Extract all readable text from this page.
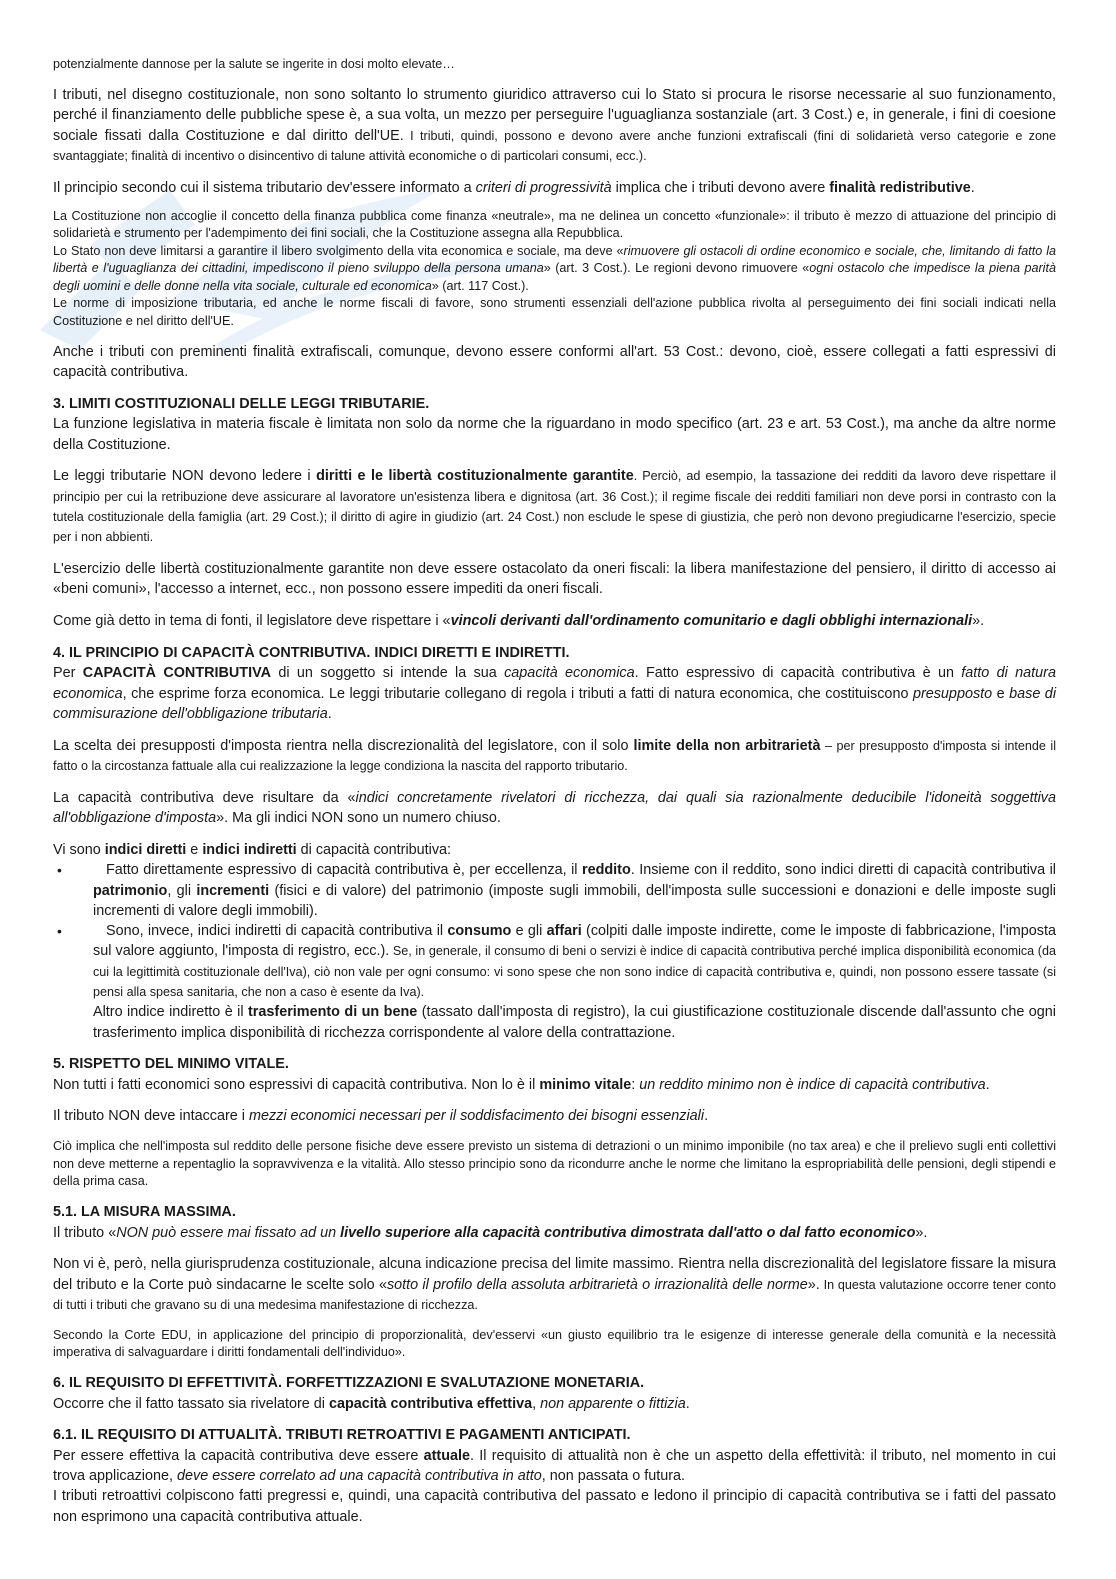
potenzialmente dannose per la salute se ingerite in dosi molto elevate…

I tributi, nel disegno costituzionale, non sono soltanto lo strumento giuridico attraverso cui lo Stato si procura le risorse necessarie al suo funzionamento, perché il finanziamento delle pubbliche spese è, a sua volta, un mezzo per perseguire l'uguaglianza sostanziale (art. 3 Cost.) e, in generale, i fini di coesione sociale fissati dalla Costituzione e dal diritto dell'UE. I tributi, quindi, possono e devono avere anche funzioni extrafiscali (fini di solidarietà verso categorie e zone svantaggiate; finalità di incentivo o disincentivo di talune attività economiche o di particolari consumi, ecc.).

Il principio secondo cui il sistema tributario dev'essere informato a criteri di progressività implica che i tributi devono avere finalità redistributive.

La Costituzione non accoglie il concetto della finanza pubblica come finanza «neutrale», ma ne delinea un concetto «funzionale»: il tributo è mezzo di attuazione del principio di solidarietà e strumento per l'adempimento dei fini sociali, che la Costituzione assegna alla Repubblica.

Lo Stato non deve limitarsi a garantire il libero svolgimento della vita economica e sociale, ma deve «rimuovere gli ostacoli di ordine economico e sociale, che, limitando di fatto la libertà e l'uguaglianza dei cittadini, impediscono il pieno sviluppo della persona umana» (art. 3 Cost.). Le regioni devono rimuovere «ogni ostacolo che impedisce la piena parità degli uomini e delle donne nella vita sociale, culturale ed economica» (art. 117 Cost.).

Le norme di imposizione tributaria, ed anche le norme fiscali di favore, sono strumenti essenziali dell'azione pubblica rivolta al perseguimento dei fini sociali indicati nella Costituzione e nel diritto dell'UE.

Anche i tributi con preminenti finalità extrafiscali, comunque, devono essere conformi all'art. 53 Cost.: devono, cioè, essere collegati a fatti espressivi di capacità contributiva.

3. LIMITI COSTITUZIONALI DELLE LEGGI TRIBUTARIE.

La funzione legislativa in materia fiscale è limitata non solo da norme che la riguardano in modo specifico (art. 23 e art. 53 Cost.), ma anche da altre norme della Costituzione.

Le leggi tributarie NON devono ledere i diritti e le libertà costituzionalmente garantite. Perciò, ad esempio, la tassazione dei redditi da lavoro deve rispettare il principio per cui la retribuzione deve assicurare al lavoratore un'esistenza libera e dignitosa (art. 36 Cost.); il regime fiscale dei redditi familiari non deve porsi in contrasto con la tutela costituzionale della famiglia (art. 29 Cost.); il diritto di agire in giudizio (art. 24 Cost.) non esclude le spese di giustizia, che però non devono pregiudicarne l'esercizio, specie per i non abbienti.

L'esercizio delle libertà costituzionalmente garantite non deve essere ostacolato da oneri fiscali: la libera manifestazione del pensiero, il diritto di accesso ai «beni comuni», l'accesso a internet, ecc., non possono essere impediti da oneri fiscali.

Come già detto in tema di fonti, il legislatore deve rispettare i «vincoli derivanti dall'ordinamento comunitario e dagli obblighi internazionali».

4. IL PRINCIPIO DI CAPACITÀ CONTRIBUTIVA. INDICI DIRETTI E INDIRETTI.

Per CAPACITÀ CONTRIBUTIVA di un soggetto si intende la sua capacità economica. Fatto espressivo di capacità contributiva è un fatto di natura economica, che esprime forza economica. Le leggi tributarie collegano di regola i tributi a fatti di natura economica, che costituiscono presupposto e base di commisurazione dell'obbligazione tributaria.

La scelta dei presupposti d'imposta rientra nella discrezionalità del legislatore, con il solo limite della non arbitrarietà – per presupposto d'imposta si intende il fatto o la circostanza fattuale alla cui realizzazione la legge condiziona la nascita del rapporto tributario.

La capacità contributiva deve risultare da «indici concretamente rivelatori di ricchezza, dai quali sia razionalmente deducibile l'idoneità soggettiva all'obbligazione d'imposta». Ma gli indici NON sono un numero chiuso.

Vi sono indici diretti e indici indiretti di capacità contributiva:

•	Fatto direttamente espressivo di capacità contributiva è, per eccellenza, il reddito. Insieme con il reddito, sono indici diretti di capacità contributiva il patrimonio, gli incrementi (fisici e di valore) del patrimonio (imposte sugli immobili, dell'imposta sulle successioni e donazioni e delle imposte sugli incrementi di valore degli immobili).

•	Sono, invece, indici indiretti di capacità contributiva il consumo e gli affari (colpiti dalle imposte indirette, come le imposte di fabbricazione, l'imposta sul valore aggiunto, l'imposta di registro, ecc.). Se, in generale, il consumo di beni o servizi è indice di capacità contributiva perché implica disponibilità economica (da cui la legittimità costituzionale dell'Iva), ciò non vale per ogni consumo: vi sono spese che non sono indice di capacità contributiva e, quindi, non possono essere tassate (si pensi alla spesa sanitaria, che non a caso è esente da Iva).

Altro indice indiretto è il trasferimento di un bene (tassato dall'imposta di registro), la cui giustificazione costituzionale discende dall'assunto che ogni trasferimento implica disponibilità di ricchezza corrispondente al valore della contrattazione.

5. RISPETTO DEL MINIMO VITALE.

Non tutti i fatti economici sono espressivi di capacità contributiva. Non lo è il minimo vitale: un reddito minimo non è indice di capacità contributiva.

Il tributo NON deve intaccare i mezzi economici necessari per il soddisfacimento dei bisogni essenziali.

Ciò implica che nell'imposta sul reddito delle persone fisiche deve essere previsto un sistema di detrazioni o un minimo imponibile (no tax area) e che il prelievo sugli enti collettivi non deve metterne a repentaglio la sopravvivenza e la vitalità. Allo stesso principio sono da ricondurre anche le norme che limitano la espropriabilità delle pensioni, degli stipendi e della prima casa.

5.1. LA MISURA MASSIMA.

Il tributo «NON può essere mai fissato ad un livello superiore alla capacità contributiva dimostrata dall'atto o dal fatto economico».

Non vi è, però, nella giurisprudenza costituzionale, alcuna indicazione precisa del limite massimo. Rientra nella discrezionalità del legislatore fissare la misura del tributo e la Corte può sindacarne le scelte solo «sotto il profilo della assoluta arbitrarietà o irrazionalità delle norme». In questa valutazione occorre tener conto di tutti i tributi che gravano su di una medesima manifestazione di ricchezza.

Secondo la Corte EDU, in applicazione del principio di proporzionalità, dev'esservi «un giusto equilibrio tra le esigenze di interesse generale della comunità e la necessità imperativa di salvaguardare i diritti fondamentali dell'individuo».

6. IL REQUISITO DI EFFETTIVITÀ. FORFETTIZZAZIONI E SVALUTAZIONE MONETARIA.

Occorre che il fatto tassato sia rivelatore di capacità contributiva effettiva, non apparente o fittizia.

6.1. IL REQUISITO DI ATTUALITÀ. TRIBUTI RETROATTIVI E PAGAMENTI ANTICIPATI.

Per essere effettiva la capacità contributiva deve essere attuale. Il requisito di attualità non è che un aspetto della effettività: il tributo, nel momento in cui trova applicazione, deve essere correlato ad una capacità contributiva in atto, non passata o futura.

I tributi retroattivi colpiscono fatti pregressi e, quindi, una capacità contributiva del passato e ledono il principio di capacità contributiva se i fatti del passato non esprimono una capacità contributiva attuale.
